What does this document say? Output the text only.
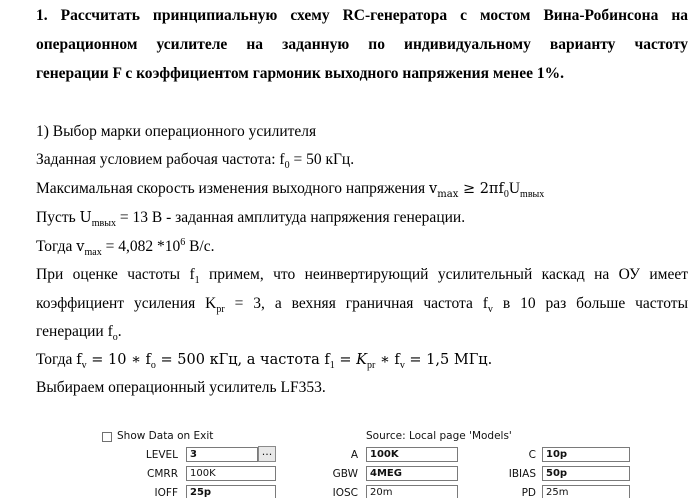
1. Рассчитать принципиальную схему RC-генератора с мостом Вина-Робинсона на
операционном усилителе на заданную по индивидуальному варианту частоту
генерации F с коэффициентом гармоник выходного напряжения менее 1%.
1) Выбор марки операционного усилителя
Заданная условием рабочая частота: $f_0 = 50$ кГц.
Максимальная скорость изменения выходного напряжения $v_{max} \ge 2\pi f_0U_{mвых}$
Пусть $U_{mвых} = 13$ В - заданная амплитуда напряжения генерации.
Тогда $v_{max} = 4,082$ $*10^6$ В/с.
При оценке частоты $f_1$ примем, что неинвертирующий усилительный каскад на ОУ имеет
коэффициент усиления $K_{pr} = 3$, а вехняя граничная частота $f_v$ в 10 раз больше частоты
генерации $f_o$.
Тогда $f_v = 10$ ∗ $f_o = 500$ кГц, а частота $f_1 = K_{pr}$ ∗ $f_v = 1,5$ МГц.
Выбираем операционный усилитель LF353.
Show Data on Exit	Source: Local page 'Models'
LEVEL	3	...	A	100K	C	10p
CMRR	100K	GBW	4MEG	IBIAS	50p
IOFF	25p	IOSC	20m	PD	25m
